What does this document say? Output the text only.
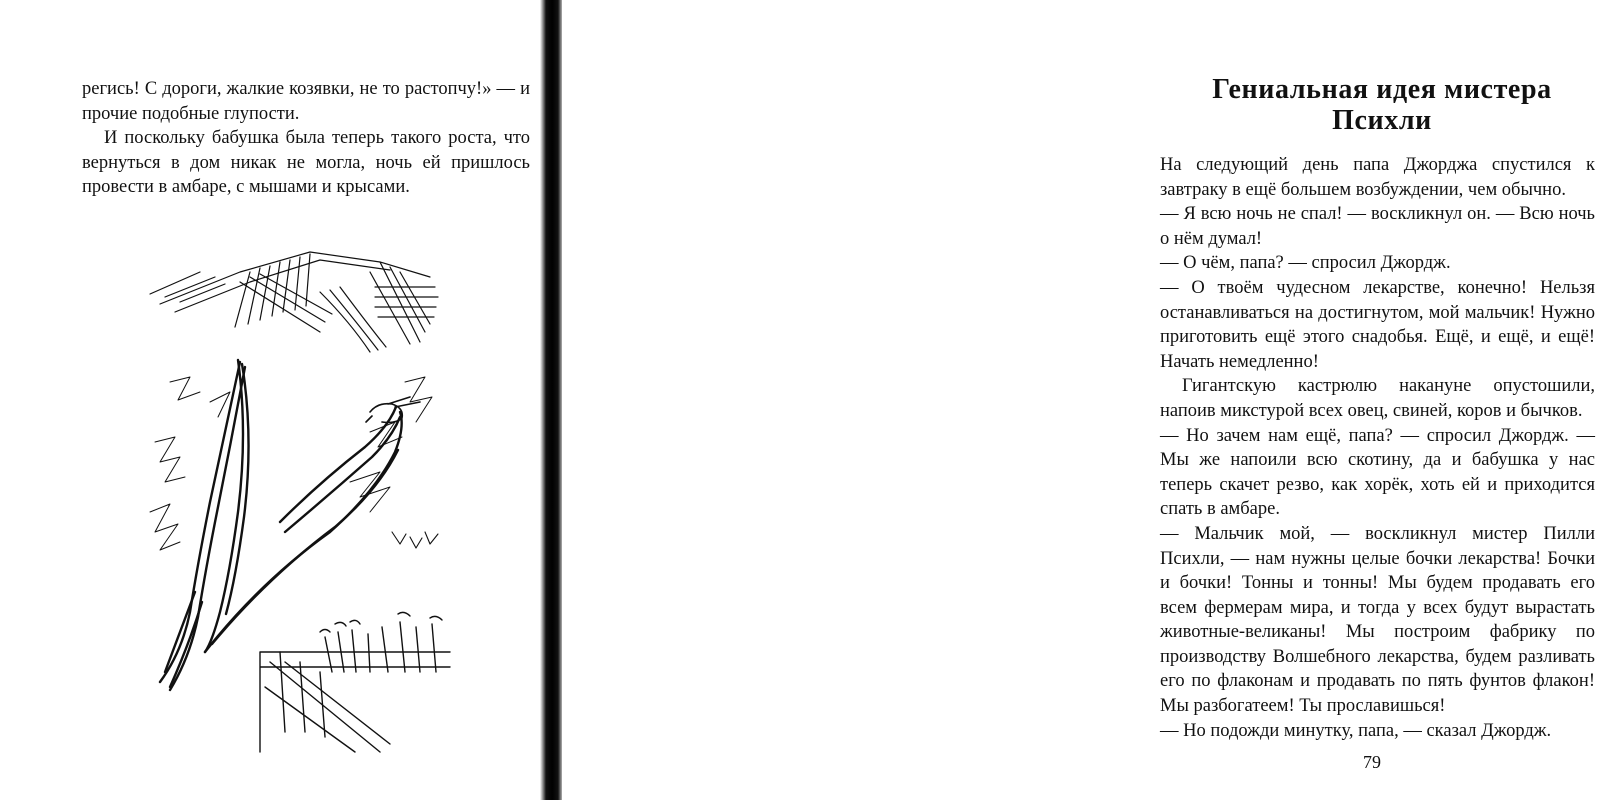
регись! С дороги, жалкие козявки, не то растопчу!» — и прочие подобные глупости.

И поскольку бабушка была теперь такого роста, что вернуться в дом никак не могла, ночь ей пришлось провести в амбаре, с мышами и крысами.

Гениальная идея мистера Психли

На следующий день папа Джорджа спустился к завтраку в ещё большем возбуждении, чем обычно.

— Я всю ночь не спал! — воскликнул он. — Всю ночь о нём думал!

— О чём, папа? — спросил Джордж.

— О твоём чудесном лекарстве, конечно! Нельзя останавливаться на достигнутом, мой мальчик! Нужно приготовить ещё этого снадобья. Ещё, и ещё, и ещё! Начать немедленно!

Гигантскую кастрюлю накануне опустошили, напоив микстурой всех овец, свиней, коров и бычков.

— Но зачем нам ещё, папа? — спросил Джордж. — Мы же напоили всю скотину, да и бабушка у нас теперь скачет резво, как хорёк, хоть ей и приходится спать в амбаре.

— Мальчик мой, — воскликнул мистер Пилли Психли, — нам нужны целые бочки лекарства! Бочки и бочки! Тонны и тонны! Мы будем продавать его всем фермерам мира, и тогда у всех будут вырастать животные-великаны! Мы построим фабрику по производству Волшебного лекарства, будем разливать его по флаконам и продавать по пять фунтов флакон! Мы разбогатеем! Ты прославишься!

— Но подожди минутку, папа, — сказал Джордж.

79
